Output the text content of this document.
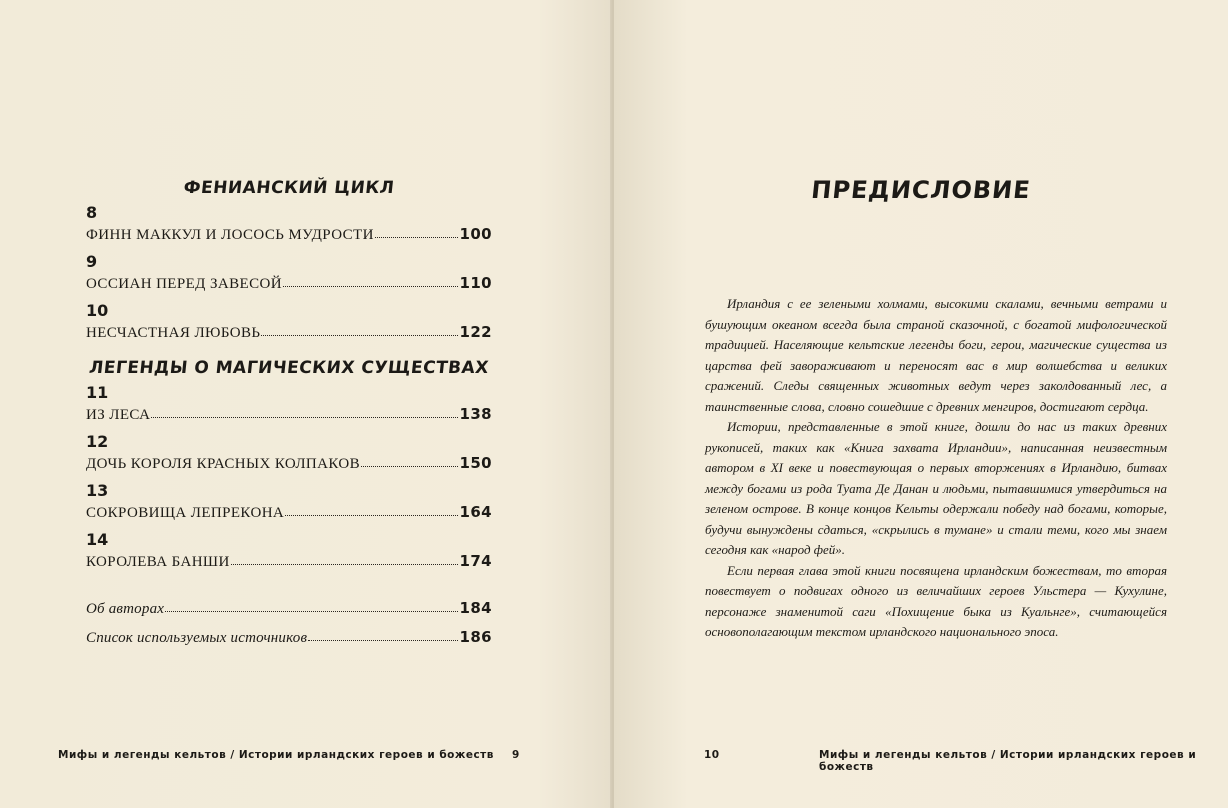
ФЕНИАНСКИЙ ЦИКЛ
8
ФИНН МАККУЛ И ЛОСОСЬ МУДРОСТИ	100
9
ОССИАН ПЕРЕД ЗАВЕСОЙ	110
10
НЕСЧАСТНАЯ ЛЮБОВЬ	122
ЛЕГЕНДЫ О МАГИЧЕСКИХ СУЩЕСТВАХ
11
ИЗ ЛЕСА	138
12
ДОЧЬ КОРОЛЯ КРАСНЫХ КОЛПАКОВ	150
13
СОКРОВИЩА ЛЕПРЕКОНА	164
14
КОРОЛЕВА БАНШИ	174
Об авторах	184
Список используемых источников	186
Мифы и легенды кельтов / Истории ирландских героев и божеств 9
ПРЕДИСЛОВИЕ

Ирландия с ее зелеными холмами, высокими скалами, вечными ветрами и бушующим океаном всегда была страной сказочной, с богатой мифологической традицией. Населяющие кельтские легенды боги, герои, магические существа из царства фей завораживают и переносят вас в мир волшебства и великих сражений. Следы священных животных ведут через заколдованный лес, а таинственные слова, словно сошедшие с древних менгиров, достигают сердца.

Истории, представленные в этой книге, дошли до нас из таких древних рукописей, таких как «Книга захвата Ирландии», написанная неизвестным автором в XI веке и повествующая о первых вторжениях в Ирландию, битвах между богами из рода Туата Де Данан и людьми, пытавшимися утвердиться на зеленом острове. В конце концов Кельты одержали победу над богами, которые, будучи вынуждены сдаться, «скрылись в тумане» и стали теми, кого мы знаем сегодня как «народ фей».

Если первая глава этой книги посвящена ирландским божествам, то вторая повествует о подвигах одного из величайших героев Ульстера — Кухулине, персонаже знаменитой саги «Похищение быка из Куальнге», считающейся основополагающим текстом ирландского национального эпоса.

10	Мифы и легенды кельтов / Истории ирландских героев и божеств
